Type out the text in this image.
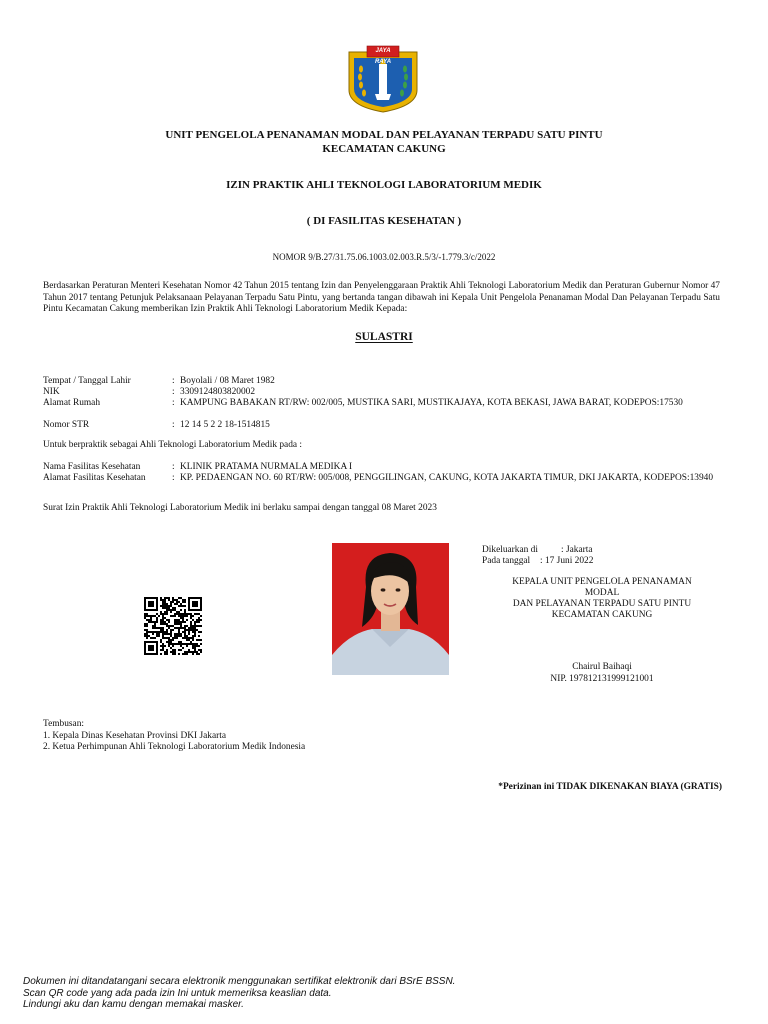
JAYA RAYA
UNIT PENGELOLA PENANAMAN MODAL DAN PELAYANAN TERPADU SATU PINTU
KECAMATAN CAKUNG
IZIN PRAKTIK AHLI TEKNOLOGI LABORATORIUM MEDIK
( DI FASILITAS KESEHATAN )
NOMOR 9/B.27/31.75.06.1003.02.003.R.5/3/-1.779.3/c/2022
Berdasarkan Peraturan Menteri Kesehatan Nomor 42 Tahun 2015 tentang Izin dan Penyelenggaraan Praktik Ahli Teknologi Laboratorium Medik dan Peraturan Gubernur Nomor 47 Tahun 2017 tentang Petunjuk Pelaksanaan Pelayanan Terpadu Satu Pintu, yang bertanda tangan dibawah ini Kepala Unit Pengelola Penanaman Modal Dan Pelayanan Terpadu Satu Pintu Kecamatan Cakung memberikan Izin Praktik Ahli Teknologi Laboratorium Medik Kepada:
SULASTRI
Tempat / Tanggal Lahir	: Boyolali / 08 Maret 1982
NIK	: 3309124803820002
Alamat Rumah	: KAMPUNG BABAKAN RT/RW: 002/005, MUSTIKA SARI, MUSTIKAJAYA, KOTA BEKASI, JAWA BARAT, KODEPOS:17530
Nomor STR	: 12 14 5 2 2 18-1514815
Untuk berpraktik sebagai Ahli Teknologi Laboratorium Medik pada :
Nama Fasilitas Kesehatan	: KLINIK PRATAMA NURMALA MEDIKA I
Alamat Fasilitas Kesehatan	: KP. PEDAENGAN NO. 60 RT/RW: 005/008, PENGGILINGAN, CAKUNG, KOTA JAKARTA TIMUR, DKI JAKARTA, KODEPOS:13940
Surat Izin Praktik Ahli Teknologi Laboratorium Medik ini berlaku sampai dengan tanggal 08 Maret 2023
Dikeluarkan di : Jakarta
Pada tanggal : 17 Juni 2022
KEPALA UNIT PENGELOLA PENANAMAN
MODAL
DAN PELAYANAN TERPADU SATU PINTU
KECAMATAN CAKUNG
Chairul Baihaqi
NIP. 197812131999121001
Tembusan:
1. Kepala Dinas Kesehatan Provinsi DKI Jakarta
2. Ketua Perhimpunan Ahli Teknologi Laboratorium Medik Indonesia
*Perizinan ini TIDAK DIKENAKAN BIAYA (GRATIS)
Dokumen ini ditandatangani secara elektronik menggunakan sertifikat elektronik dari BSrE BSSN.
Scan QR code yang ada pada izin Ini untuk memeriksa keaslian data.
Lindungi aku dan kamu dengan memakai masker.
